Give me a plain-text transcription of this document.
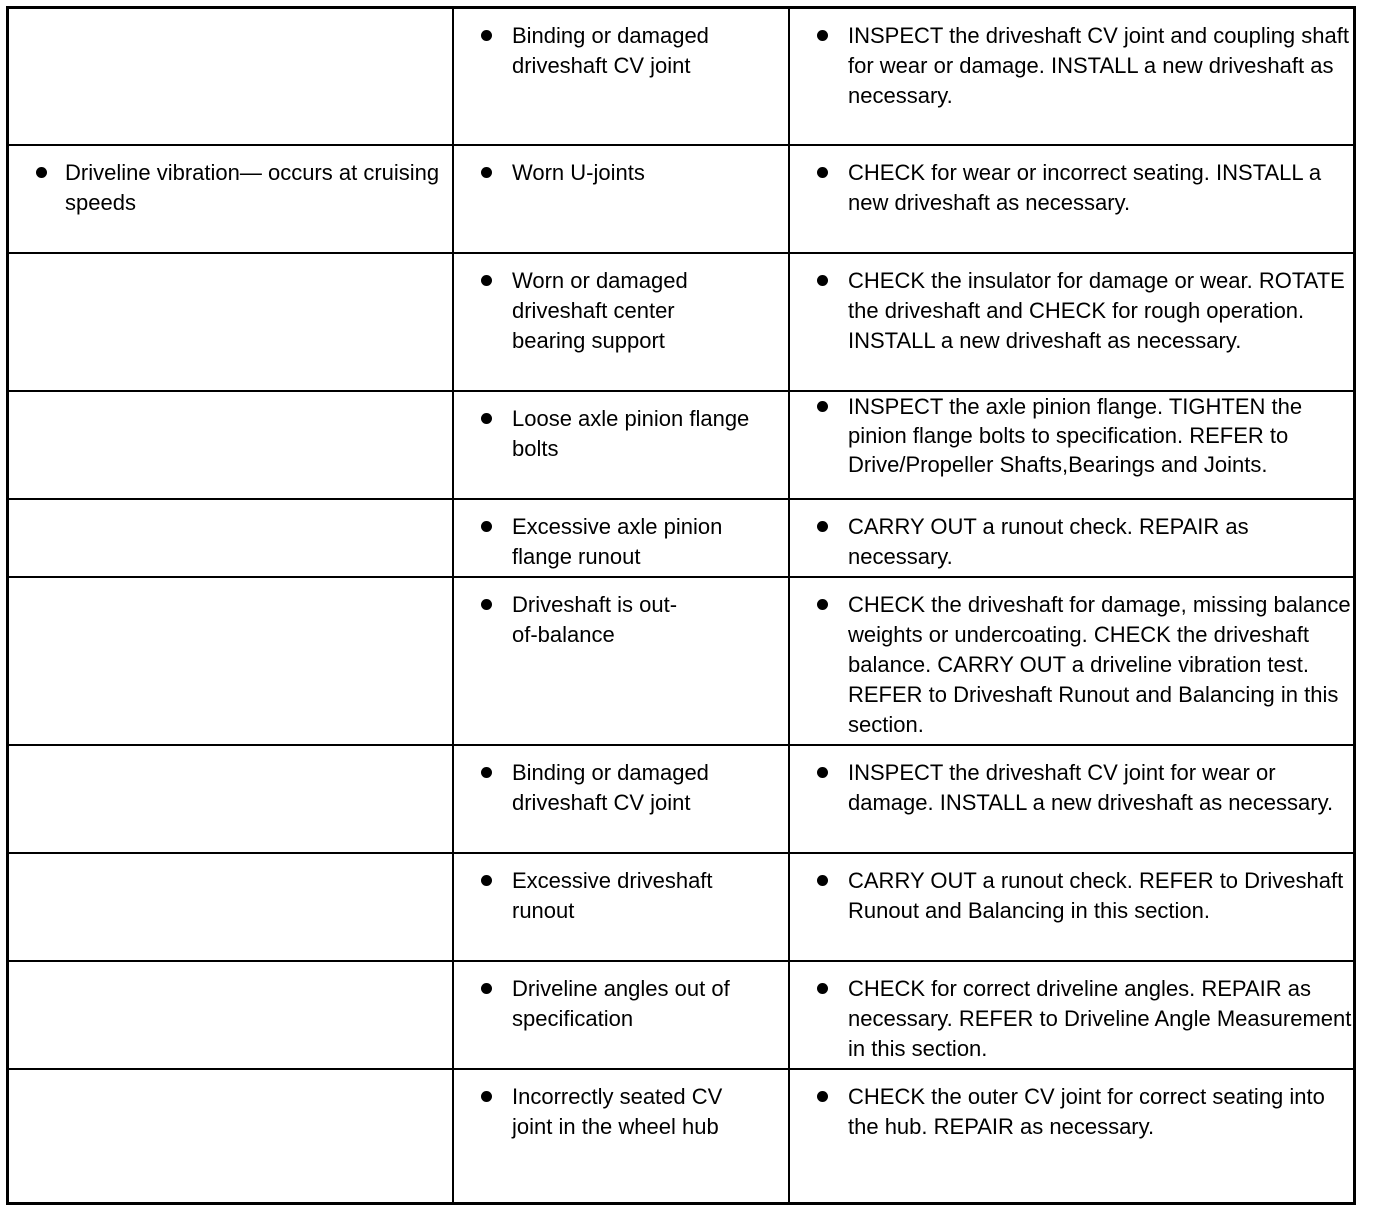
Binding or damaged driveshaft CV joint
INSPECT the driveshaft CV joint and coupling shaft for wear or damage. INSTALL a new driveshaft as necessary.
Driveline vibration— occurs at cruising speeds
Worn U-joints	CHECK for wear or incorrect seating. INSTALL a new driveshaft as necessary.
Worn or damaged driveshaft center bearing support
CHECK the insulator for damage or wear. ROTATE the driveshaft and CHECK for rough operation. INSTALL a new driveshaft as necessary.
Loose axle pinion flange bolts
INSPECT the axle pinion flange. TIGHTEN the pinion flange bolts to specification. REFER to Drive/Propeller Shafts,Bearings and Joints.
Excessive axle pinion flange runout
CARRY OUT a runout check. REPAIR as necessary.
Driveshaft is out-of-balance
CHECK the driveshaft for damage, missing balance weights or undercoating. CHECK the driveshaft balance. CARRY OUT a driveline vibration test. REFER to Driveshaft Runout and Balancing in this section.
Binding or damaged driveshaft CV joint
INSPECT the driveshaft CV joint for wear or damage. INSTALL a new driveshaft as necessary.
Excessive driveshaft runout
CARRY OUT a runout check. REFER to Driveshaft Runout and Balancing in this section.
Driveline angles out of specification
CHECK for correct driveline angles. REPAIR as necessary. REFER to Driveline Angle Measurement in this section.
Incorrectly seated CV joint in the wheel hub
CHECK the outer CV joint for correct seating into the hub. REPAIR as necessary.
